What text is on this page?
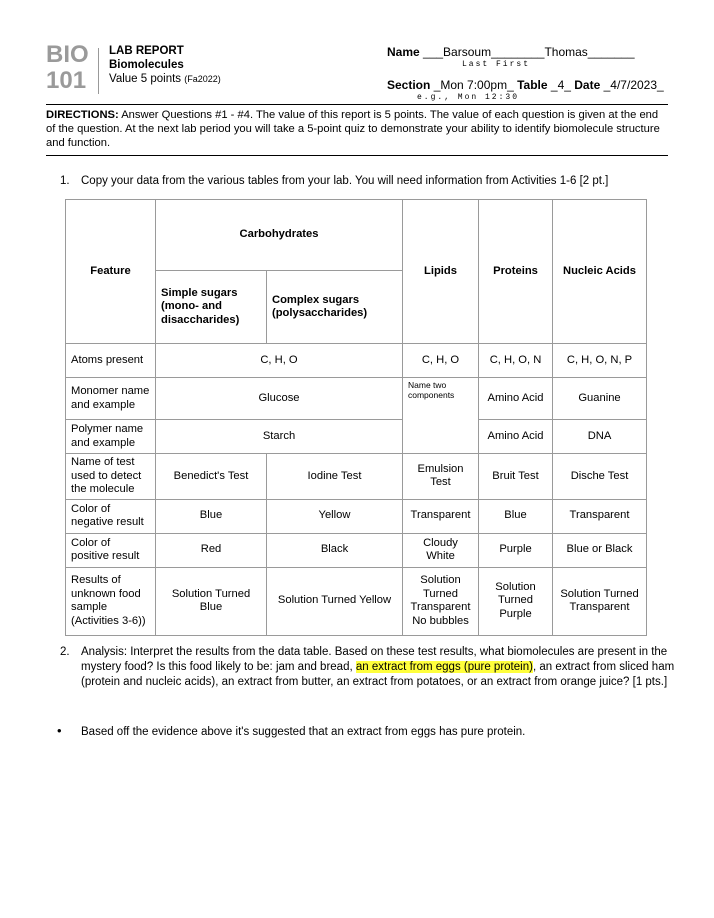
BIO
101
LAB REPORT
Biomolecules
Value 5 points (Fa2022)
Name ___Barsoum________Thomas_______
Last First
Section _Mon 7:00pm_ Table _4_ Date _4/7/2023_
e.g., Mon 12:30
DIRECTIONS: Answer Questions #1 - #4. The value of this report is 5 points. The value of each question is given at the end of the question. At the next lab period you will take a 5-point quiz to demonstrate your ability to identify biomolecule structure and function.
1. Copy your data from the various tables from your lab. You will need information from Activities 1-6 [2 pt.]
Feature	Carbohydrates		Lipids	Proteins	Nucleic Acids
	Simple sugars (mono- and disaccharides)	Complex sugars (polysaccharides)			
Atoms present	C, H, O		C, H, O	C, H, O, N	C, H, O, N, P
Monomer name and example	Glucose		Name two components	Amino Acid	Guanine
Polymer name and example	Starch			Amino Acid	DNA
Name of test used to detect the molecule	Benedict's Test	Iodine Test	Emulsion Test	Bruit Test	Dische Test
Color of negative result	Blue	Yellow	Transparent	Blue	Transparent
Color of positive result	Red	Black	Cloudy White	Purple	Blue or Black
Results of unknown food sample (Activities 3-6))	Solution Turned Blue	Solution Turned Yellow	Solution Turned Transparent No bubbles	Solution Turned Purple	Solution Turned Transparent
2. Analysis: Interpret the results from the data table. Based on these test results, what biomolecules are present in the mystery food? Is this food likely to be: jam and bread, an extract from eggs (pure protein), an extract from sliced ham (protein and nucleic acids), an extract from butter, an extract from potatoes, or an extract from orange juice? [1 pts.]
• Based off the evidence above it's suggested that an extract from eggs has pure protein.
